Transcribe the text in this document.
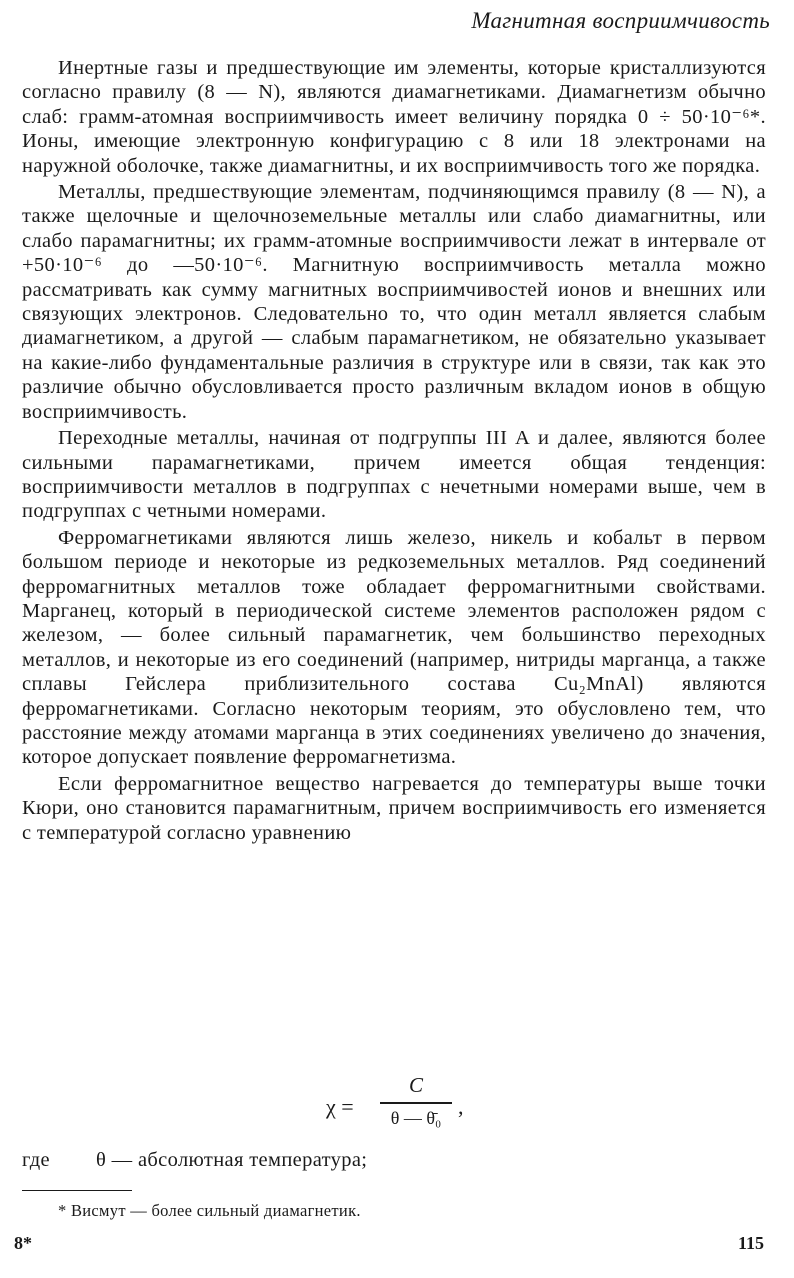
Магнитная восприимчивость

Инертные газы и предшествующие им элементы, которые кристаллизуются согласно правилу (8 — N), являются диамагнетиками. Диамагнетизм обычно слаб: грамм-атомная восприимчивость имеет величину порядка 0 ÷ 50·10⁻⁶*. Ионы, имеющие электронную конфигурацию с 8 или 18 электронами на наружной оболочке, также диамагнитны, и их восприимчивость того же порядка.

Металлы, предшествующие элементам, подчиняющимся правилу (8 — N), а также щелочные и щелочноземельные металлы или слабо диамагнитны, или слабо парамагнитны; их грамм-атомные восприимчивости лежат в интервале от +50·10⁻⁶ до —50·10⁻⁶. Магнитную восприимчивость металла можно рассматривать как сумму магнитных восприимчивостей ионов и внешних или связующих электронов. Следовательно то, что один металл является слабым диамагнетиком, а другой — слабым парамагнетиком, не обязательно указывает на какие-либо фундаментальные различия в структуре или в связи, так как это различие обычно обусловливается просто различным вкладом ионов в общую восприимчивость.

Переходные металлы, начиная от подгруппы III A и далее, являются более сильными парамагнетиками, причем имеется общая тенденция: восприимчивости металлов в подгруппах с нечетными номерами выше, чем в подгруппах с четными номерами.

Ферромагнетиками являются лишь железо, никель и кобальт в первом большом периоде и некоторые из редкоземельных металлов. Ряд соединений ферромагнитных металлов тоже обладает ферромагнитными свойствами. Марганец, который в периодической системе элементов расположен рядом с железом, — более сильный парамагнетик, чем большинство переходных металлов, и некоторые из его соединений (например, нитриды марганца, а также сплавы Гейслера приблизительного состава Cu₂MnAl) являются ферромагнетиками. Согласно некоторым теориям, это обусловлено тем, что расстояние между атомами марганца в этих соединениях увеличено до значения, которое допускает появление ферромагнетизма.

Если ферромагнитное вещество нагревается до температуры выше точки Кюри, оно становится парамагнитным, причем восприимчивость его изменяется с температурой согласно уравнению

χ =
C
θ — θ̄₀ ,
где θ — абсолютная температура;
* Висмут — более сильный диамагнетик.
8*	115
